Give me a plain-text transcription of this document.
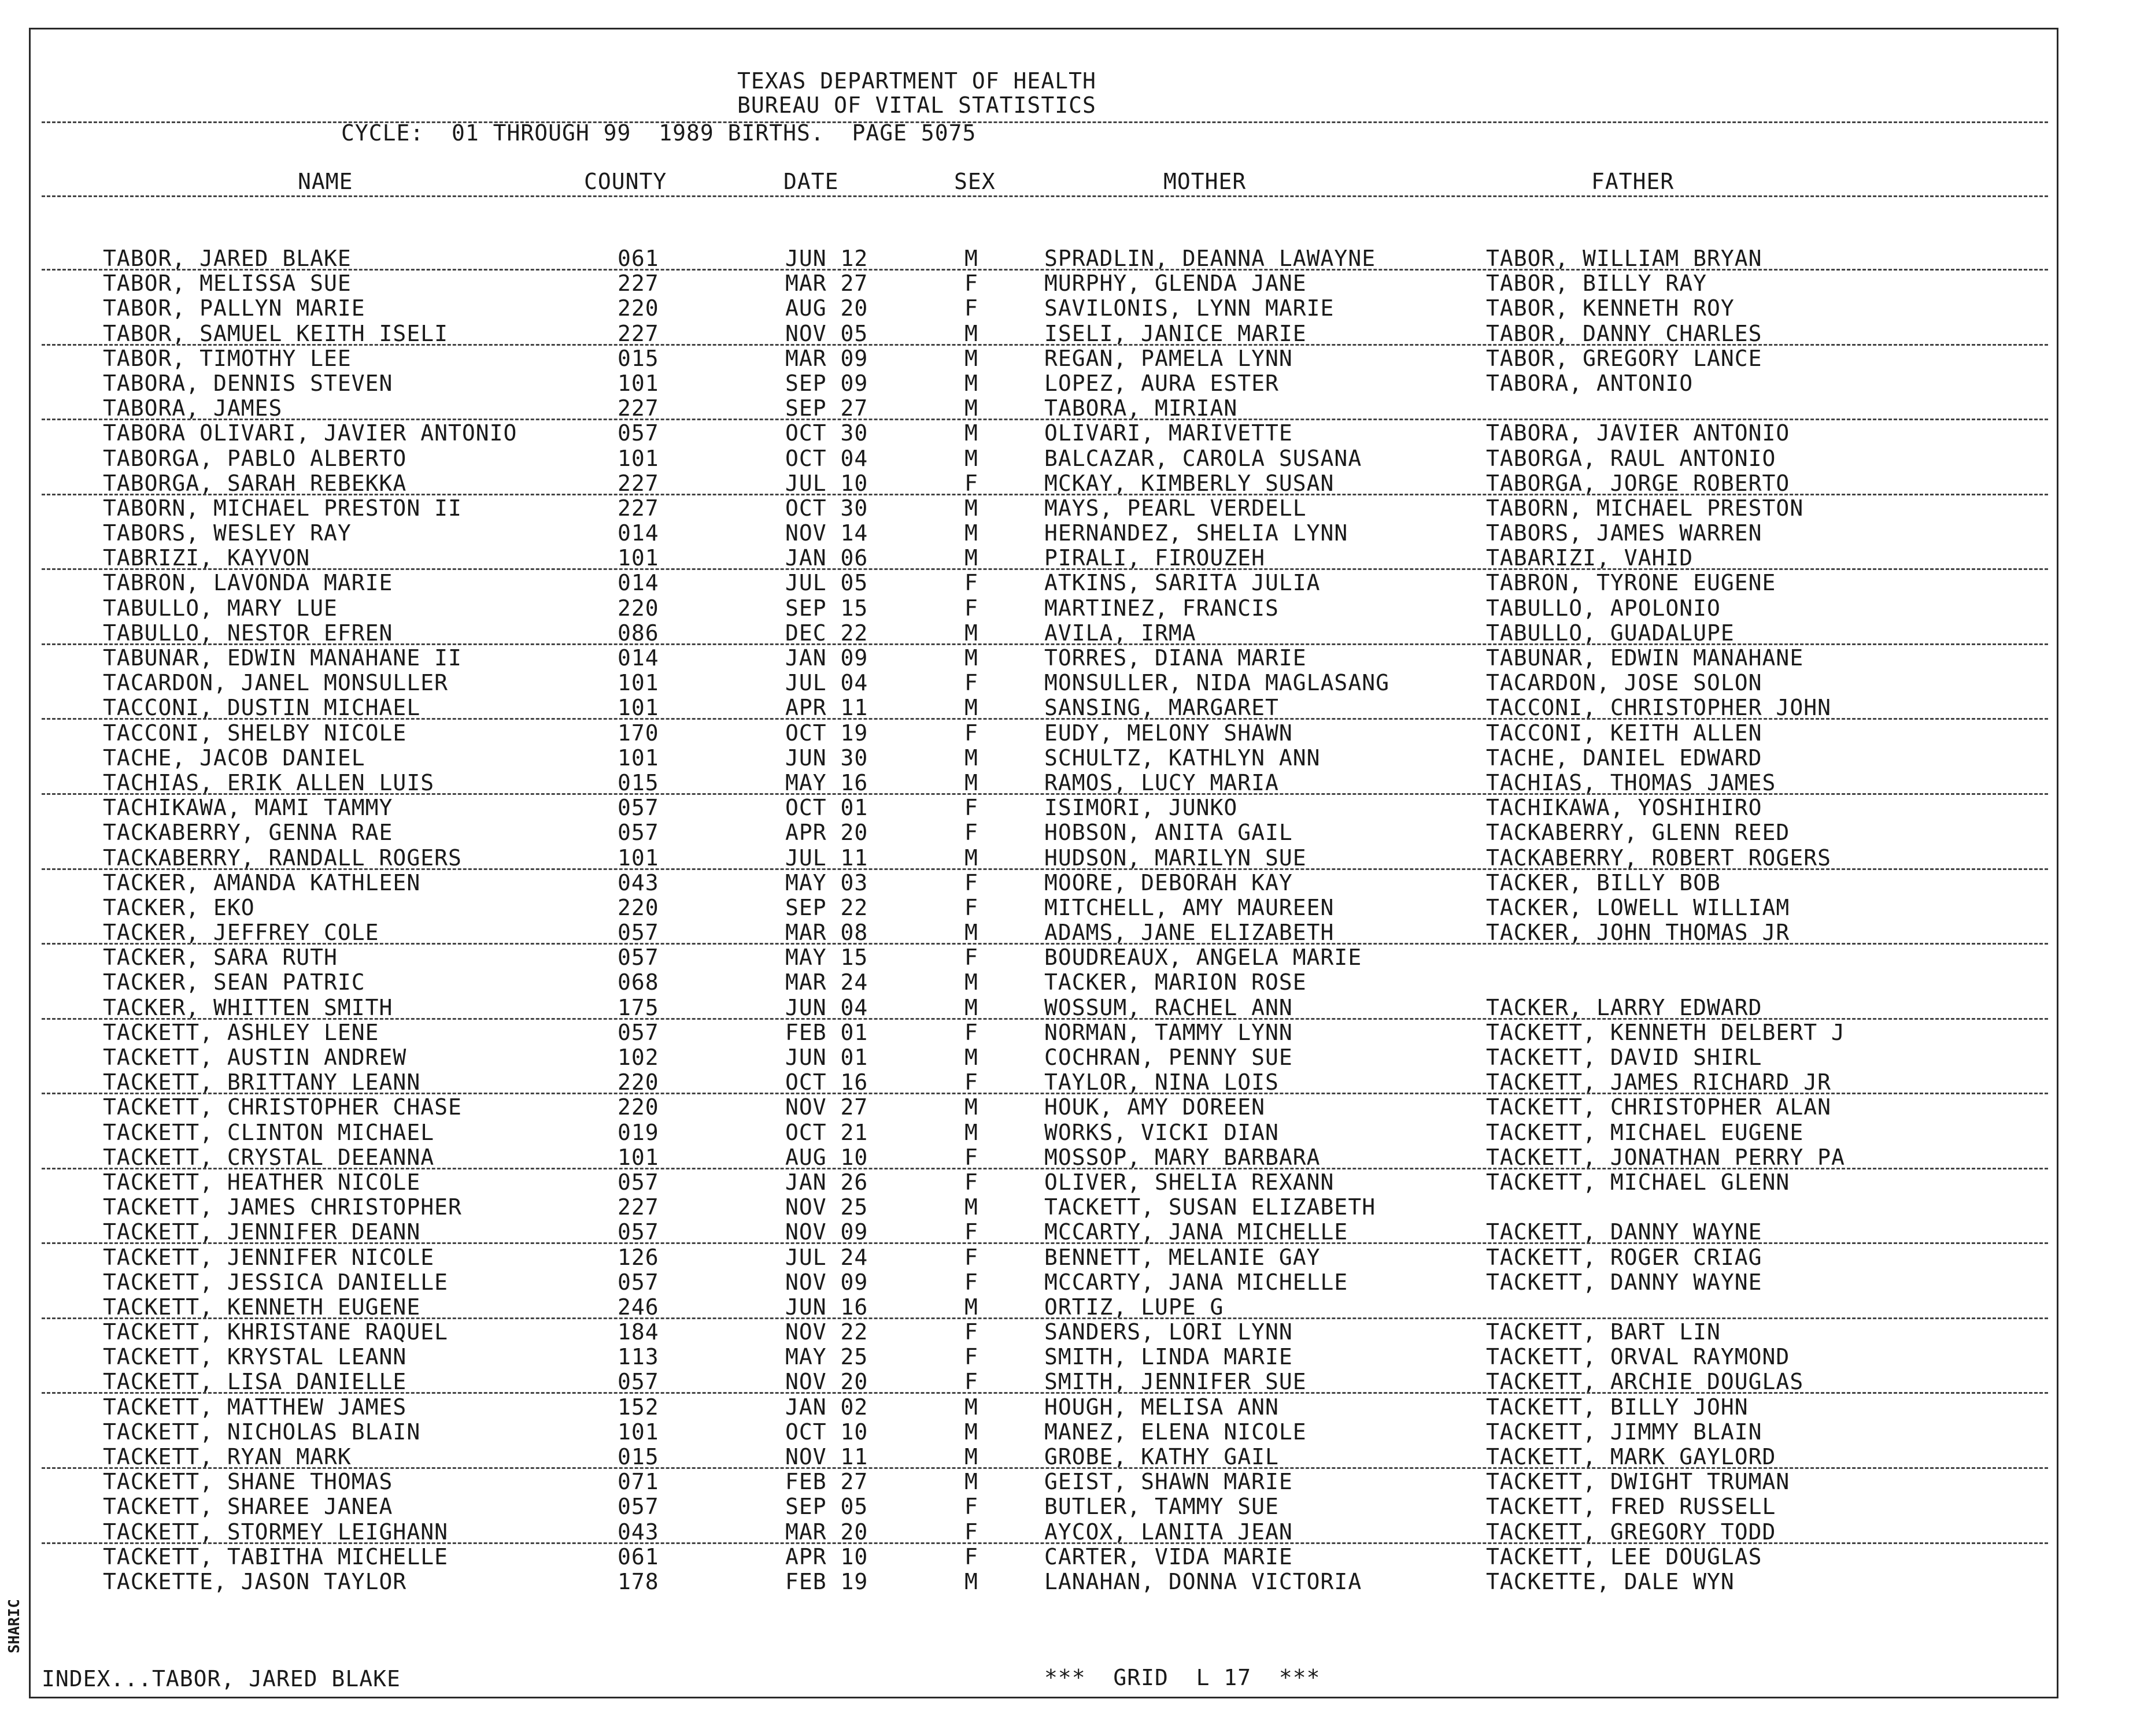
SHARIC
TEXAS DEPARTMENT OF HEALTH
BUREAU OF VITAL STATISTICS
CYCLE:  01 THROUGH 99  1989 BIRTHS.  PAGE 5075
NAME	COUNTY	DATE	SEX	MOTHER	FATHER
TABOR, JARED BLAKE	061	JUN 12	M	SPRADLIN, DEANNA LAWAYNE	TABOR, WILLIAM BRYAN
TABOR, MELISSA SUE	227	MAR 27	F	MURPHY, GLENDA JANE	TABOR, BILLY RAY
TABOR, PALLYN MARIE	220	AUG 20	F	SAVILONIS, LYNN MARIE	TABOR, KENNETH ROY
TABOR, SAMUEL KEITH ISELI	227	NOV 05	M	ISELI, JANICE MARIE	TABOR, DANNY CHARLES
TABOR, TIMOTHY LEE	015	MAR 09	M	REGAN, PAMELA LYNN	TABOR, GREGORY LANCE
TABORA, DENNIS STEVEN	101	SEP 09	M	LOPEZ, AURA ESTER	TABORA, ANTONIO
TABORA, JAMES	227	SEP 27	M	TABORA, MIRIAN
TABORA OLIVARI, JAVIER ANTONIO	057	OCT 30	M	OLIVARI, MARIVETTE	TABORA, JAVIER ANTONIO
TABORGA, PABLO ALBERTO	101	OCT 04	M	BALCAZAR, CAROLA SUSANA	TABORGA, RAUL ANTONIO
TABORGA, SARAH REBEKKA	227	JUL 10	F	MCKAY, KIMBERLY SUSAN	TABORGA, JORGE ROBERTO
TABORN, MICHAEL PRESTON II	227	OCT 30	M	MAYS, PEARL VERDELL	TABORN, MICHAEL PRESTON
TABORS, WESLEY RAY	014	NOV 14	M	HERNANDEZ, SHELIA LYNN	TABORS, JAMES WARREN
TABRIZI, KAYVON	101	JAN 06	M	PIRALI, FIROUZEH	TABARIZI, VAHID
TABRON, LAVONDA MARIE	014	JUL 05	F	ATKINS, SARITA JULIA	TABRON, TYRONE EUGENE
TABULLO, MARY LUE	220	SEP 15	F	MARTINEZ, FRANCIS	TABULLO, APOLONIO
TABULLO, NESTOR EFREN	086	DEC 22	M	AVILA, IRMA	TABULLO, GUADALUPE
TABUNAR, EDWIN MANAHANE II	014	JAN 09	M	TORRES, DIANA MARIE	TABUNAR, EDWIN MANAHANE
TACARDON, JANEL MONSULLER	101	JUL 04	F	MONSULLER, NIDA MAGLASANG	TACARDON, JOSE SOLON
TACCONI, DUSTIN MICHAEL	101	APR 11	M	SANSING, MARGARET	TACCONI, CHRISTOPHER JOHN
TACCONI, SHELBY NICOLE	170	OCT 19	F	EUDY, MELONY SHAWN	TACCONI, KEITH ALLEN
TACHE, JACOB DANIEL	101	JUN 30	M	SCHULTZ, KATHLYN ANN	TACHE, DANIEL EDWARD
TACHIAS, ERIK ALLEN LUIS	015	MAY 16	M	RAMOS, LUCY MARIA	TACHIAS, THOMAS JAMES
TACHIKAWA, MAMI TAMMY	057	OCT 01	F	ISIMORI, JUNKO	TACHIKAWA, YOSHIHIRO
TACKABERRY, GENNA RAE	057	APR 20	F	HOBSON, ANITA GAIL	TACKABERRY, GLENN REED
TACKABERRY, RANDALL ROGERS	101	JUL 11	M	HUDSON, MARILYN SUE	TACKABERRY, ROBERT ROGERS
TACKER, AMANDA KATHLEEN	043	MAY 03	F	MOORE, DEBORAH KAY	TACKER, BILLY BOB
TACKER, EKO	220	SEP 22	F	MITCHELL, AMY MAUREEN	TACKER, LOWELL WILLIAM
TACKER, JEFFREY COLE	057	MAR 08	M	ADAMS, JANE ELIZABETH	TACKER, JOHN THOMAS JR
TACKER, SARA RUTH	057	MAY 15	F	BOUDREAUX, ANGELA MARIE
TACKER, SEAN PATRIC	068	MAR 24	M	TACKER, MARION ROSE
TACKER, WHITTEN SMITH	175	JUN 04	M	WOSSUM, RACHEL ANN	TACKER, LARRY EDWARD
TACKETT, ASHLEY LENE	057	FEB 01	F	NORMAN, TAMMY LYNN	TACKETT, KENNETH DELBERT J
TACKETT, AUSTIN ANDREW	102	JUN 01	M	COCHRAN, PENNY SUE	TACKETT, DAVID SHIRL
TACKETT, BRITTANY LEANN	220	OCT 16	F	TAYLOR, NINA LOIS	TACKETT, JAMES RICHARD JR
TACKETT, CHRISTOPHER CHASE	220	NOV 27	M	HOUK, AMY DOREEN	TACKETT, CHRISTOPHER ALAN
TACKETT, CLINTON MICHAEL	019	OCT 21	M	WORKS, VICKI DIAN	TACKETT, MICHAEL EUGENE
TACKETT, CRYSTAL DEEANNA	101	AUG 10	F	MOSSOP, MARY BARBARA	TACKETT, JONATHAN PERRY PA
TACKETT, HEATHER NICOLE	057	JAN 26	F	OLIVER, SHELIA REXANN	TACKETT, MICHAEL GLENN
TACKETT, JAMES CHRISTOPHER	227	NOV 25	M	TACKETT, SUSAN ELIZABETH
TACKETT, JENNIFER DEANN	057	NOV 09	F	MCCARTY, JANA MICHELLE	TACKETT, DANNY WAYNE
TACKETT, JENNIFER NICOLE	126	JUL 24	F	BENNETT, MELANIE GAY	TACKETT, ROGER CRIAG
TACKETT, JESSICA DANIELLE	057	NOV 09	F	MCCARTY, JANA MICHELLE	TACKETT, DANNY WAYNE
TACKETT, KENNETH EUGENE	246	JUN 16	M	ORTIZ, LUPE G
TACKETT, KHRISTANE RAQUEL	184	NOV 22	F	SANDERS, LORI LYNN	TACKETT, BART LIN
TACKETT, KRYSTAL LEANN	113	MAY 25	F	SMITH, LINDA MARIE	TACKETT, ORVAL RAYMOND
TACKETT, LISA DANIELLE	057	NOV 20	F	SMITH, JENNIFER SUE	TACKETT, ARCHIE DOUGLAS
TACKETT, MATTHEW JAMES	152	JAN 02	M	HOUGH, MELISA ANN	TACKETT, BILLY JOHN
TACKETT, NICHOLAS BLAIN	101	OCT 10	M	MANEZ, ELENA NICOLE	TACKETT, JIMMY BLAIN
TACKETT, RYAN MARK	015	NOV 11	M	GROBE, KATHY GAIL	TACKETT, MARK GAYLORD
TACKETT, SHANE THOMAS	071	FEB 27	M	GEIST, SHAWN MARIE	TACKETT, DWIGHT TRUMAN
TACKETT, SHAREE JANEA	057	SEP 05	F	BUTLER, TAMMY SUE	TACKETT, FRED RUSSELL
TACKETT, STORMEY LEIGHANN	043	MAR 20	F	AYCOX, LANITA JEAN	TACKETT, GREGORY TODD
TACKETT, TABITHA MICHELLE	061	APR 10	F	CARTER, VIDA MARIE	TACKETT, LEE DOUGLAS
TACKETTE, JASON TAYLOR	178	FEB 19	M	LANAHAN, DONNA VICTORIA	TACKETTE, DALE WYN
INDEX...TABOR, JARED BLAKE	***  GRID  L 17  ***
